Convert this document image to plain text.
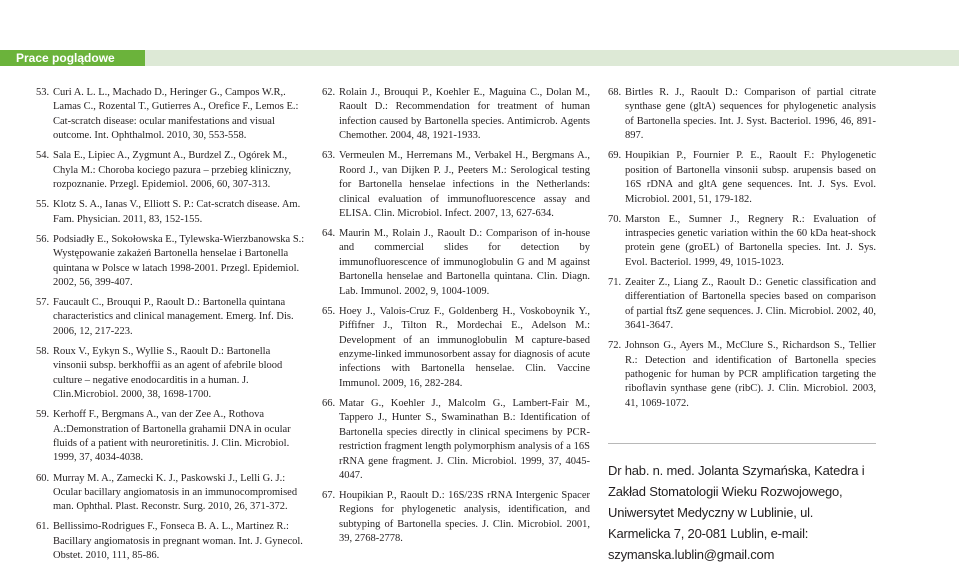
Prace poglądowe
53. Curi A. L. L., Machado D., Heringer G., Campos W.R,. Lamas C., Rozental T., Gutierres A., Orefice F., Lemos E.: Cat-scratch disease: ocular manifestations and visual outcome. Int. Ophthalmol. 2010, 30, 553-558.
54. Sala E., Lipiec A., Zygmunt A., Burdzel Z., Ogórek M., Chyla M.: Choroba kociego pazura – przebieg kliniczny, rozpoznanie. Przegl. Epidemiol. 2006, 60, 307-313.
55. Klotz S. A., Ianas V., Elliott S. P.: Cat-scratch disease. Am. Fam. Physician. 2011, 83, 152-155.
56. Podsiadły E., Sokołowska E., Tylewska-Wierzbanowska S.: Występowanie zakażeń Bartonella henselae i Bartonella quintana w Polsce w latach 1998-2001. Przegl. Epidemiol. 2002, 56, 399-407.
57. Faucault C., Brouqui P., Raoult D.: Bartonella quintana characteristics and clinical management. Emerg. Inf. Dis. 2006, 12, 217-223.
58. Roux V., Eykyn S., Wyllie S., Raoult D.: Bartonella vinsonii subsp. berkhoffii as an agent of afebrile blood culture – negative enodocarditis in a human. J. Clin.Microbiol. 2000, 38, 1698-1700.
59. Kerhoff F., Bergmans A., van der Zee A., Rothova A.:Demonstration of Bartonella grahamii DNA in ocular fluids of a patient with neuroretinitis. J. Clin. Microbiol. 1999, 37, 4034-4038.
60. Murray M. A., Zamecki K. J., Paskowski J., Lelli G. J.: Ocular bacillary angiomatosis in an immunocompromised man. Ophthal. Plast. Reconstr. Surg. 2010, 26, 371-372.
61. Bellissimo-Rodrigues F., Fonseca B. A. L., Martinez R.: Bacillary angiomatosis in pregnant woman. Int. J. Gynecol. Obstet. 2010, 111, 85-86.
62. Rolain J., Brouqui P., Koehler E., Maguina C., Dolan M., Raoult D.: Recommendation for treatment of human infection caused by Bartonella species. Antimicrob. Agents Chemother. 2004, 48, 1921-1933.
63. Vermeulen M., Herremans M., Verbakel H., Bergmans A., Roord J., van Dijken P. J., Peeters M.: Serological testing for Bartonella henselae infections in the Netherlands: clinical evaluation of immunofluorescence assay and ELISA. Clin. Microbiol. Infect. 2007, 13, 627-634.
64. Maurin M., Rolain J., Raoult D.: Comparison of in-house and commercial slides for detection by immunofluorescence of immunoglobulin G and M against Bartonella henselae and Bartonella quintana. Clin. Diagn. Lab. Immunol. 2002, 9, 1004-1009.
65. Hoey J., Valois-Cruz F., Goldenberg H., Voskoboynik Y., Piffifner J., Tilton R., Mordechai E., Adelson M.: Development of an immunoglobulin M capture-based enzyme-linked immunosorbent assay for diagnosis of acute infections with Bartonella henselae. Clin. Vaccine Immunol. 2009, 16, 282-284.
66. Matar G., Koehler J., Malcolm G., Lambert-Fair M., Tappero J., Hunter S., Swaminathan B.: Identification of Bartonella species directly in clinical specimens by PCR-restriction fragment length polymorphism analysis of a 16S rRNA gene fragment. J. Clin. Microbiol. 1999, 37, 4045-4047.
67. Houpikian P., Raoult D.: 16S/23S rRNA Intergenic Spacer Regions for phylogenetic analysis, identification, and subtyping of Bartonella species. J. Clin. Microbiol. 2001, 39, 2768-2778.
68. Birtles R. J., Raoult D.: Comparison of partial citrate synthase gene (gltA) sequences for phylogenetic analysis of Bartonella species. Int. J. Syst. Bacteriol. 1996, 46, 891-897.
69. Houpikian P., Fournier P. E., Raoult F.: Phylogenetic position of Bartonella vinsonii subsp. arupensis based on 16S rDNA and gltA gene sequences. Int. J. Sys. Evol. Microbiol. 2001, 51, 179-182.
70. Marston E., Sumner J., Regnery R.: Evaluation of intraspecies genetic variation within the 60 kDa heat-shock protein gene (groEL) of Bartonella species. Int. J. Sys. Evol. Bacteriol. 1999, 49, 1015-1023.
71. Zeaiter Z., Liang Z., Raoult D.: Genetic classification and differentiation of Bartonella species based on comparison of partial ftsZ gene sequences. J. Clin. Microbiol. 2002, 40, 3641-3647.
72. Johnson G., Ayers M., McClure S., Richardson S., Tellier R.: Detection and identification of Bartonella species pathogenic for human by PCR amplification targeting the riboflavin synthase gene (ribC). J. Clin. Microbiol. 2003, 41, 1069-1072.
Dr hab. n. med. Jolanta Szymańska, Katedra i Zakład Stomatologii Wieku Rozwojowego, Uniwersytet Medyczny w Lublinie, ul. Karmelicka 7, 20-081 Lublin, e-mail: szymanska.lublin@gmail.com
